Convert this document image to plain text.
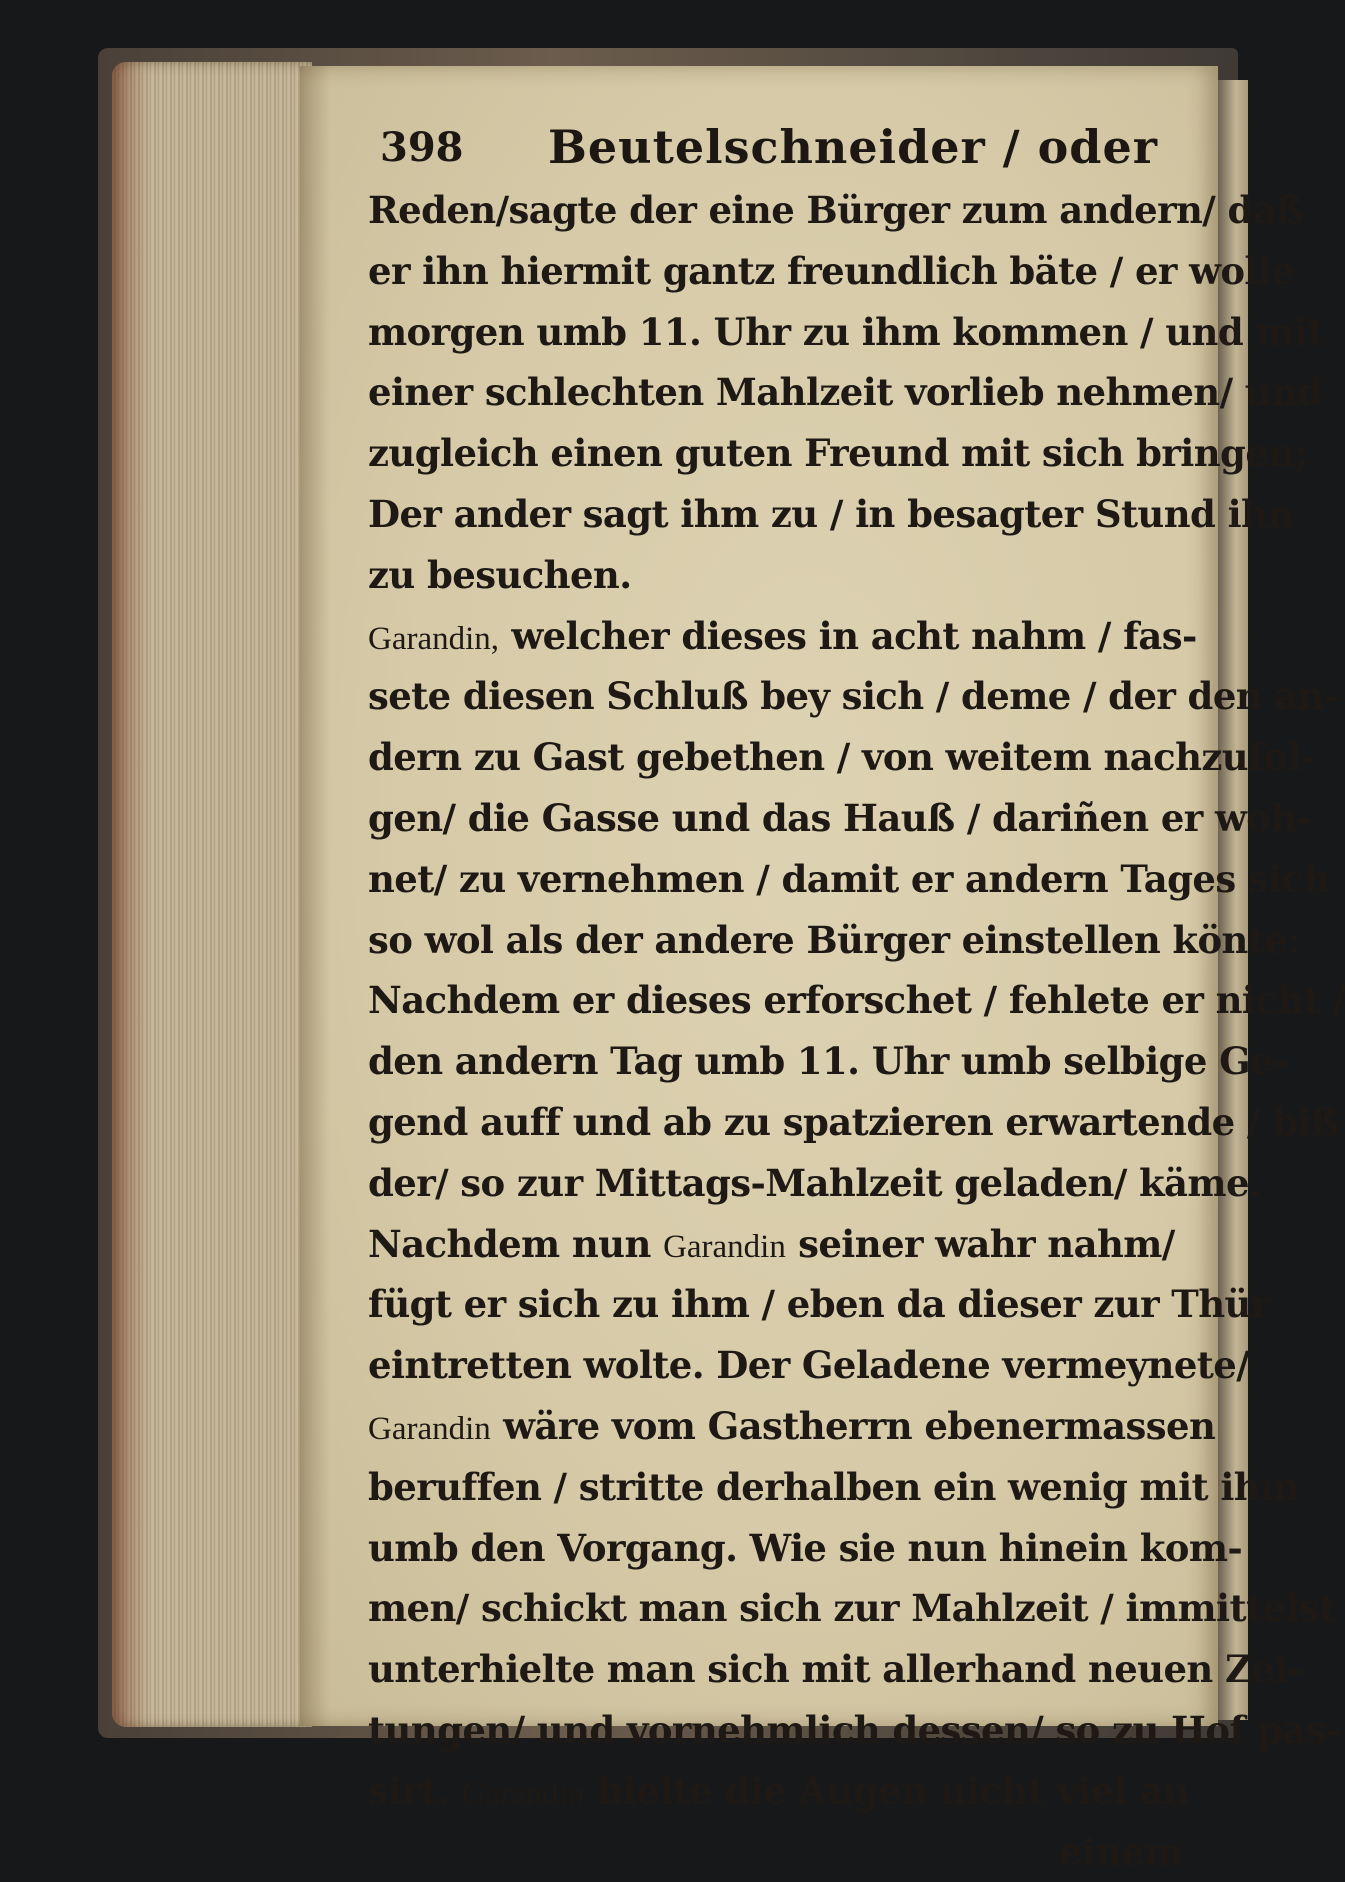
398 Beutelschneider / oder
Reden/sagte der eine Bürger zum andern/ daß
er ihn hiermit gantz freundlich bäte / er wolle
morgen umb 11. Uhr zu ihm kommen / und mit
einer schlechten Mahlzeit vorlieb nehmen/ und
zugleich einen guten Freund mit sich bringen;
Der ander sagt ihm zu / in besagter Stund ihn
zu besuchen.
Garandin, welcher dieses in acht nahm / fas-
sete diesen Schluß bey sich / deme / der den an-
dern zu Gast gebethen / von weitem nachzufol-
gen/ die Gasse und das Hauß / dariñen er woh-
net/ zu vernehmen / damit er andern Tages sich
so wol als der andere Bürger einstellen könte:
Nachdem er dieses erforschet / fehlete er nicht /
den andern Tag umb 11. Uhr umb selbige Ge-
gend auff und ab zu spatzieren erwartende / biß
der/ so zur Mittags-Mahlzeit geladen/ käme.
Nachdem nun Garandin seiner wahr nahm/
fügt er sich zu ihm / eben da dieser zur Thür
eintretten wolte. Der Geladene vermeynete/
Garandin wäre vom Gastherrn ebenermassen
beruffen / stritte derhalben ein wenig mit ihm
umb den Vorgang. Wie sie nun hinein kom-
men/ schickt man sich zur Mahlzeit / immittelst
unterhielte man sich mit allerhand neuen Zei-
tungen/ und vornehmlich dessen/ so zu Hof pas-
sirt. Garandin hielte die Augen nicht viel an
einem
